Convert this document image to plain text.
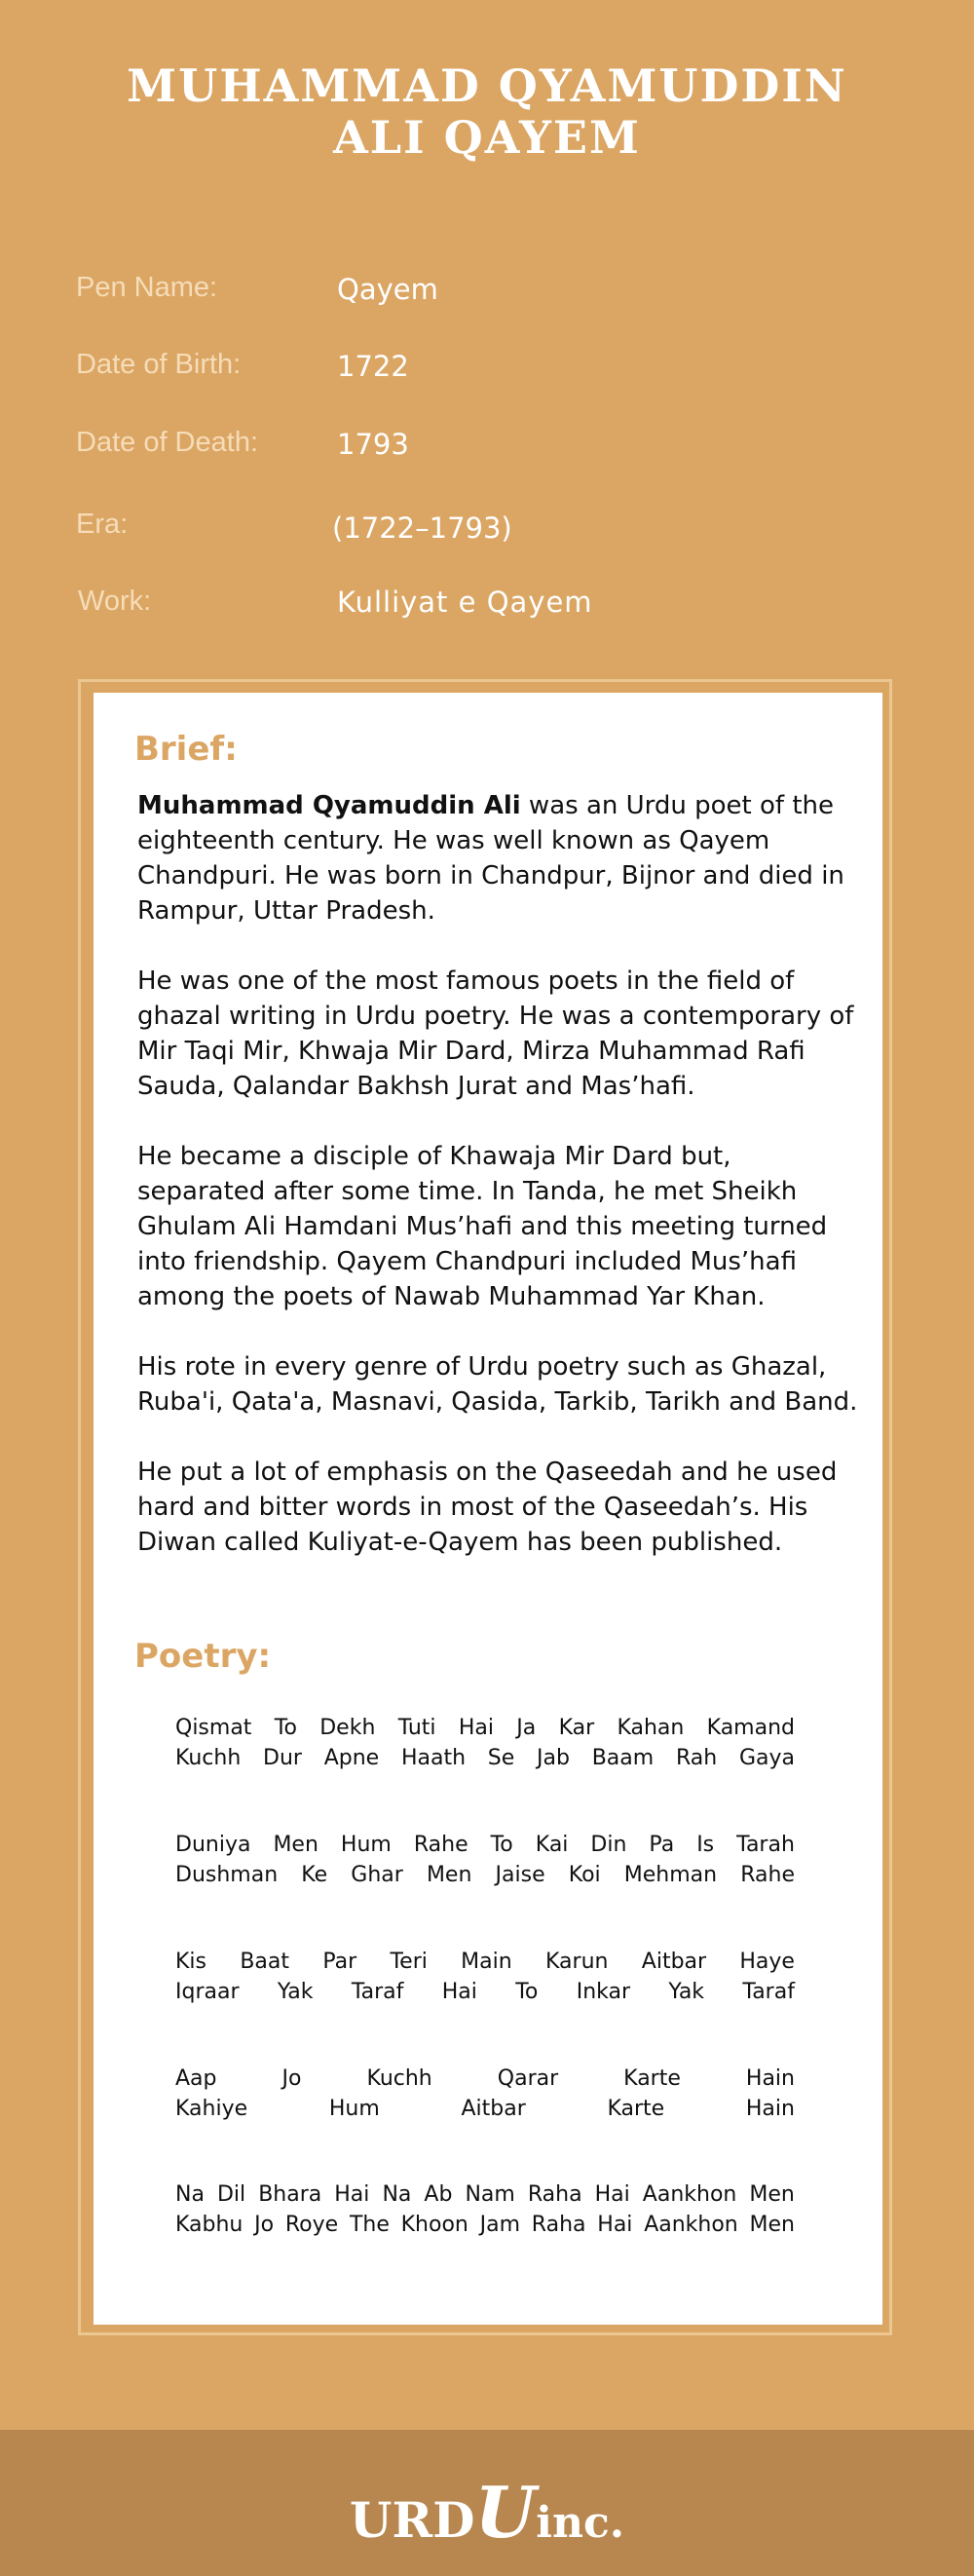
MUHAMMAD QYAMUDDIN
ALI QAYEM
Pen Name:	Qayem
Date of Birth:	1722
Date of Death:	1793
Era:	(1722–1793)
Work:	Kulliyat e Qayem
Brief:

Muhammad Qyamuddin Ali was an Urdu poet of the eighteenth century. He was well known as Qayem Chandpuri. He was born in Chandpur, Bijnor and died in Rampur, Uttar Pradesh.

He was one of the most famous poets in the field of ghazal writing in Urdu poetry. He was a contemporary of Mir Taqi Mir, Khwaja Mir Dard, Mirza Muhammad Rafi Sauda, Qalandar Bakhsh Jurat and Mas’hafi.

He became a disciple of Khawaja Mir Dard but, separated after some time. In Tanda, he met Sheikh Ghulam Ali Hamdani Mus’hafi and this meeting turned into friendship. Qayem Chandpuri included Mus’hafi among the poets of Nawab Muhammad Yar Khan.

His rote in every genre of Urdu poetry such as Ghazal, Ruba'i, Qata'a, Masnavi, Qasida, Tarkib, Tarikh and Band.

He put a lot of emphasis on the Qaseedah and he used hard and bitter words in most of the Qaseedah’s. His Diwan called Kuliyat-e-Qayem has been published.

Poetry:
Qismat To Dekh Tuti Hai Ja Kar Kahan Kamand
Kuchh Dur Apne Haath Se Jab Baam Rah Gaya
Duniya Men Hum Rahe To Kai Din Pa Is Tarah
Dushman Ke Ghar Men Jaise Koi Mehman Rahe
Kis Baat Par Teri Main Karun Aitbar Haye
Iqraar Yak Taraf Hai To Inkar Yak Taraf
Aap	Jo	Kuchh	Qarar	Karte	Hain
Kahiye	Hum	Aitbar	Karte	Hain
Na Dil Bhara Hai Na Ab Nam Raha Hai Aankhon Men
Kabhu Jo Roye The Khoon Jam Raha Hai Aankhon Men
URDUinc.
